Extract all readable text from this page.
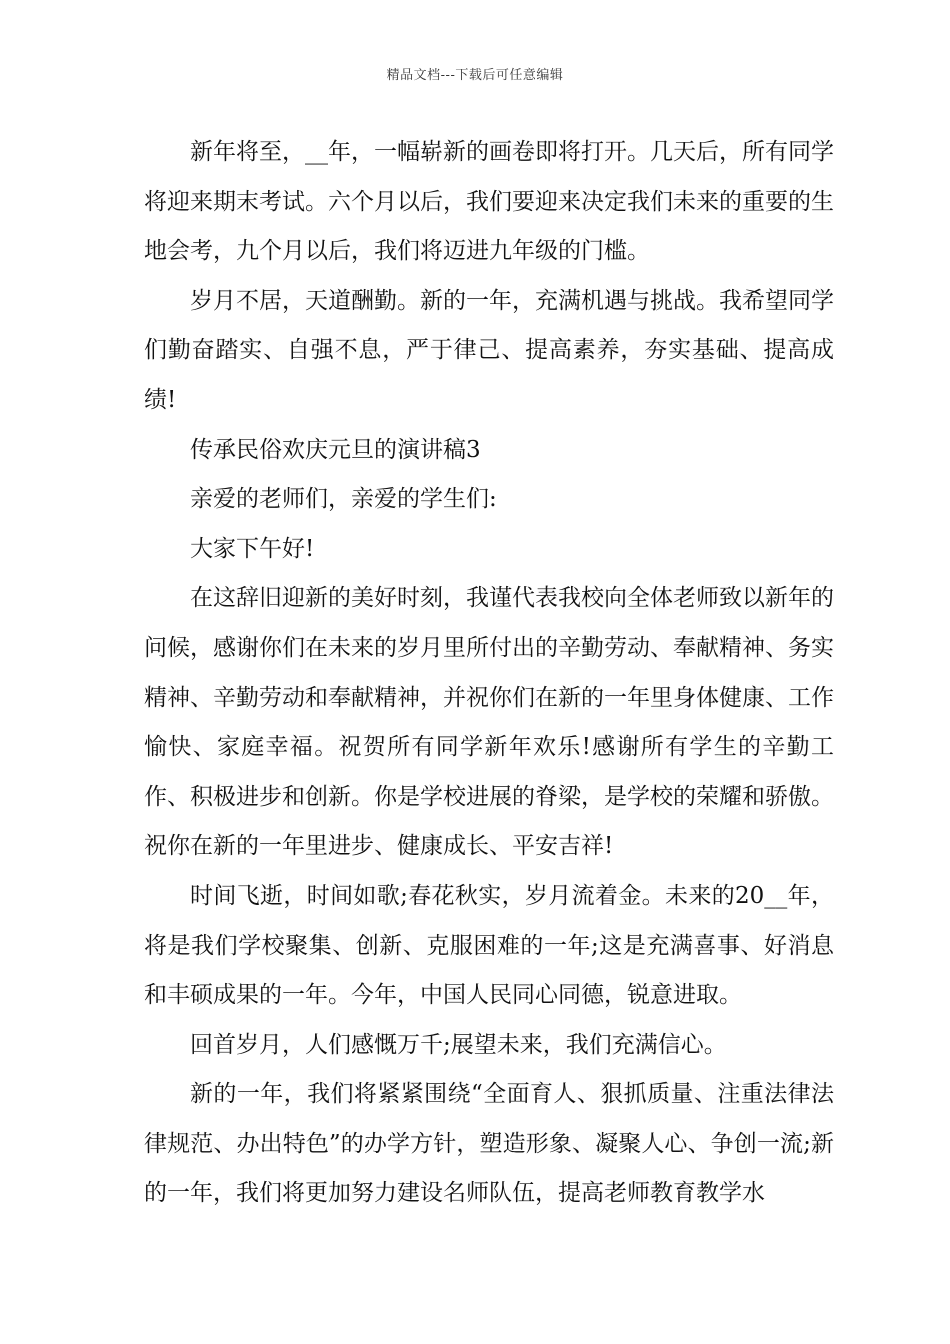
精品文档---下载后可任意编辑

新年将至，__年，一幅崭新的画卷即将打开。几天后，所有同学将迎来期末考试。六个月以后，我们要迎来决定我们未来的重要的生地会考，九个月以后，我们将迈进九年级的门槛。

岁月不居，天道酬勤。新的一年，充满机遇与挑战。我希望同学们勤奋踏实、自强不息，严于律己、提高素养，夯实基础、提高成绩!

传承民俗欢庆元旦的演讲稿3

亲爱的老师们，亲爱的学生们:

大家下午好!

在这辞旧迎新的美好时刻，我谨代表我校向全体老师致以新年的问候，感谢你们在未来的岁月里所付出的辛勤劳动、奉献精神、务实精神、辛勤劳动和奉献精神，并祝你们在新的一年里身体健康、工作愉快、家庭幸福。祝贺所有同学新年欢乐!感谢所有学生的辛勤工作、积极进步和创新。你是学校进展的脊梁，是学校的荣耀和骄傲。祝你在新的一年里进步、健康成长、平安吉祥!

时间飞逝，时间如歌;春花秋实，岁月流着金。未来的20__年，将是我们学校聚集、创新、克服困难的一年;这是充满喜事、好消息和丰硕成果的一年。今年，中国人民同心同德，锐意进取。

回首岁月，人们感慨万千;展望未来，我们充满信心。

新的一年，我们将紧紧围绕“全面育人、狠抓质量、注重法律法律规范、办出特色”的办学方针，塑造形象、凝聚人心、争创一流;新的一年，我们将更加努力建设名师队伍，提高老师教育教学水
